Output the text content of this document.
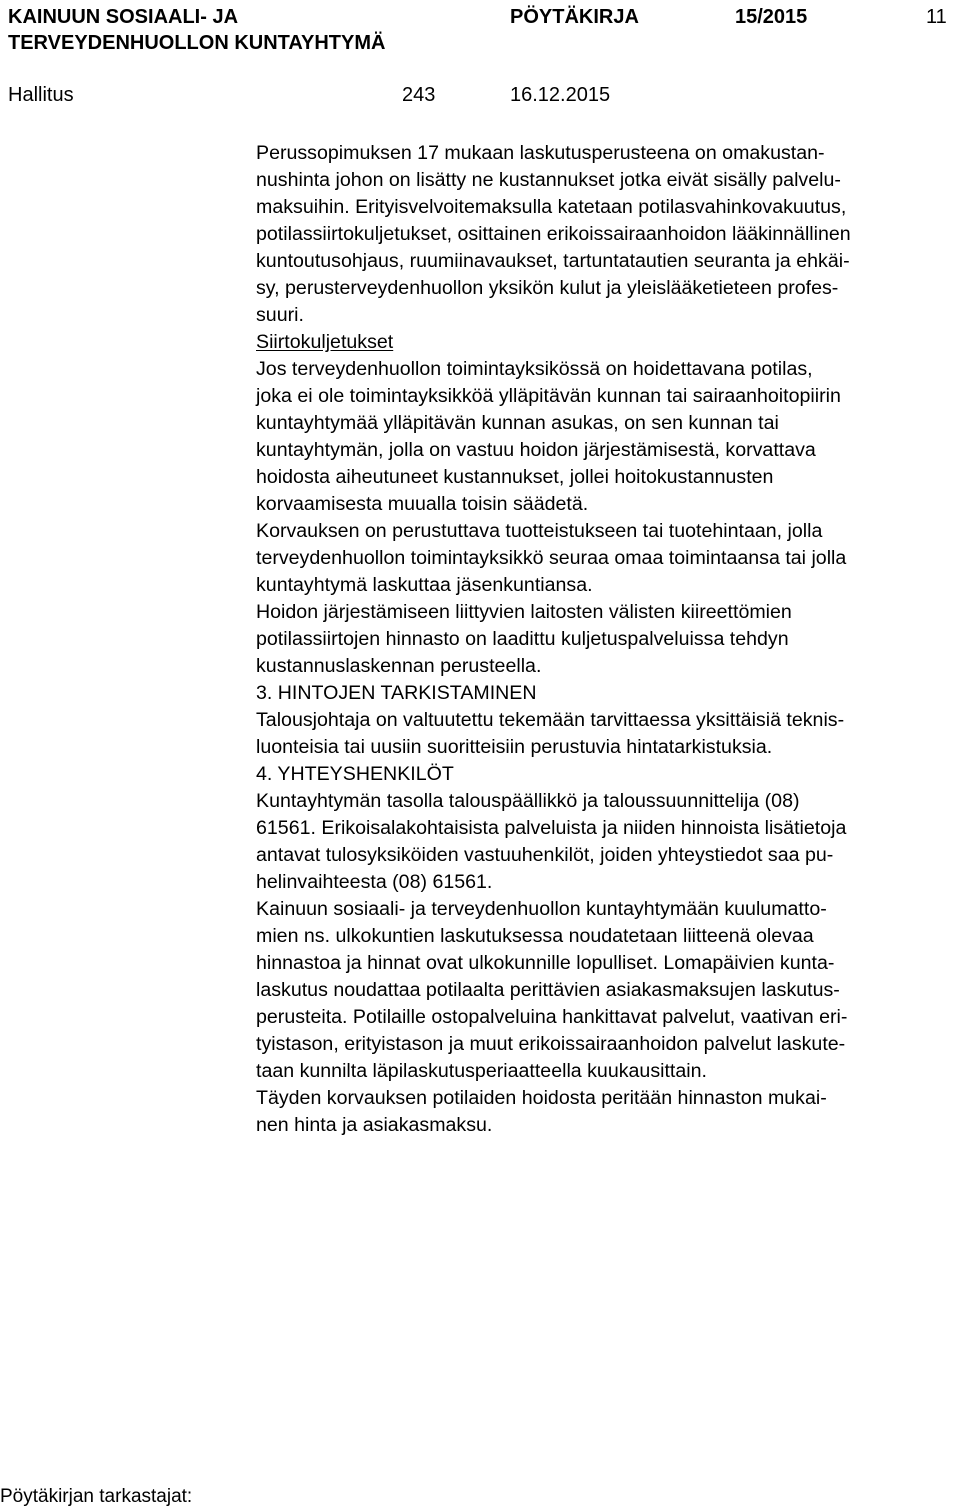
KAINUUN SOSIAALI- JA
TERVEYDENHUOLLON KUNTAYHTYMÄ
PÖYTÄKIRJA	15/2015	11
Hallitus	243	16.12.2015

Perussopimuksen 17 mukaan laskutusperusteena on omakustan-
nushinta johon on lisätty ne kustannukset jotka eivät sisälly palvelu-
maksuihin. Erityisvelvoitemaksulla katetaan potilasvahinkovakuutus,
potilassiirtokuljetukset, osittainen erikoissairaanhoidon lääkinnällinen
kuntoutusohjaus, ruumiinavaukset, tartuntatautien seuranta ja ehkäi-
sy, perusterveydenhuollon yksikön kulut ja yleislääketieteen profes-
suuri.

Siirtokuljetukset
Jos terveydenhuollon toimintayksikössä on hoidettavana potilas,
joka ei ole toimintayksikköä ylläpitävän kunnan tai sairaanhoitopiirin
kuntayhtymää ylläpitävän kunnan asukas, on sen kunnan tai
kuntayhtymän, jolla on vastuu hoidon järjestämisestä, korvattava
hoidosta aiheutuneet kustannukset, jollei hoitokustannusten
korvaamisesta muualla toisin säädetä.

Korvauksen on perustuttava tuotteistukseen tai tuotehintaan, jolla
terveydenhuollon toimintayksikkö seuraa omaa toimintaansa tai jolla
kuntayhtymä laskuttaa jäsenkuntiansa.

Hoidon järjestämiseen liittyvien laitosten välisten kiireettömien
potilassiirtojen hinnasto on laadittu kuljetuspalveluissa tehdyn
kustannuslaskennan perusteella.

3. HINTOJEN TARKISTAMINEN

Talousjohtaja on valtuutettu tekemään tarvittaessa yksittäisiä teknis-
luonteisia tai uusiin suoritteisiin perustuvia hintatarkistuksia.

4. YHTEYSHENKILÖT

Kuntayhtymän tasolla talouspäällikkö ja taloussuunnittelija (08)
61561. Erikoisalakohtaisista palveluista ja niiden hinnoista lisätietoja
antavat tulosyksiköiden vastuuhenkilöt, joiden yhteystiedot saa pu-
helinvaihteesta (08) 61561.

Kainuun sosiaali- ja terveydenhuollon kuntayhtymään kuulumatto-
mien ns. ulkokuntien laskutuksessa noudatetaan liitteenä olevaa
hinnastoa ja hinnat ovat ulkokunnille lopulliset. Lomapäivien kunta-
laskutus noudattaa potilaalta perittävien asiakasmaksujen laskutus-
perusteita. Potilaille ostopalveluina hankittavat palvelut, vaativan eri-
tyistason, erityistason ja muut erikoissairaanhoidon palvelut laskute-
taan kunnilta läpilaskutusperiaatteella kuukausittain.

Täyden korvauksen potilaiden hoidosta peritään hinnaston mukai-
nen hinta ja asiakasmaksu.

Pöytäkirjan tarkastajat:
